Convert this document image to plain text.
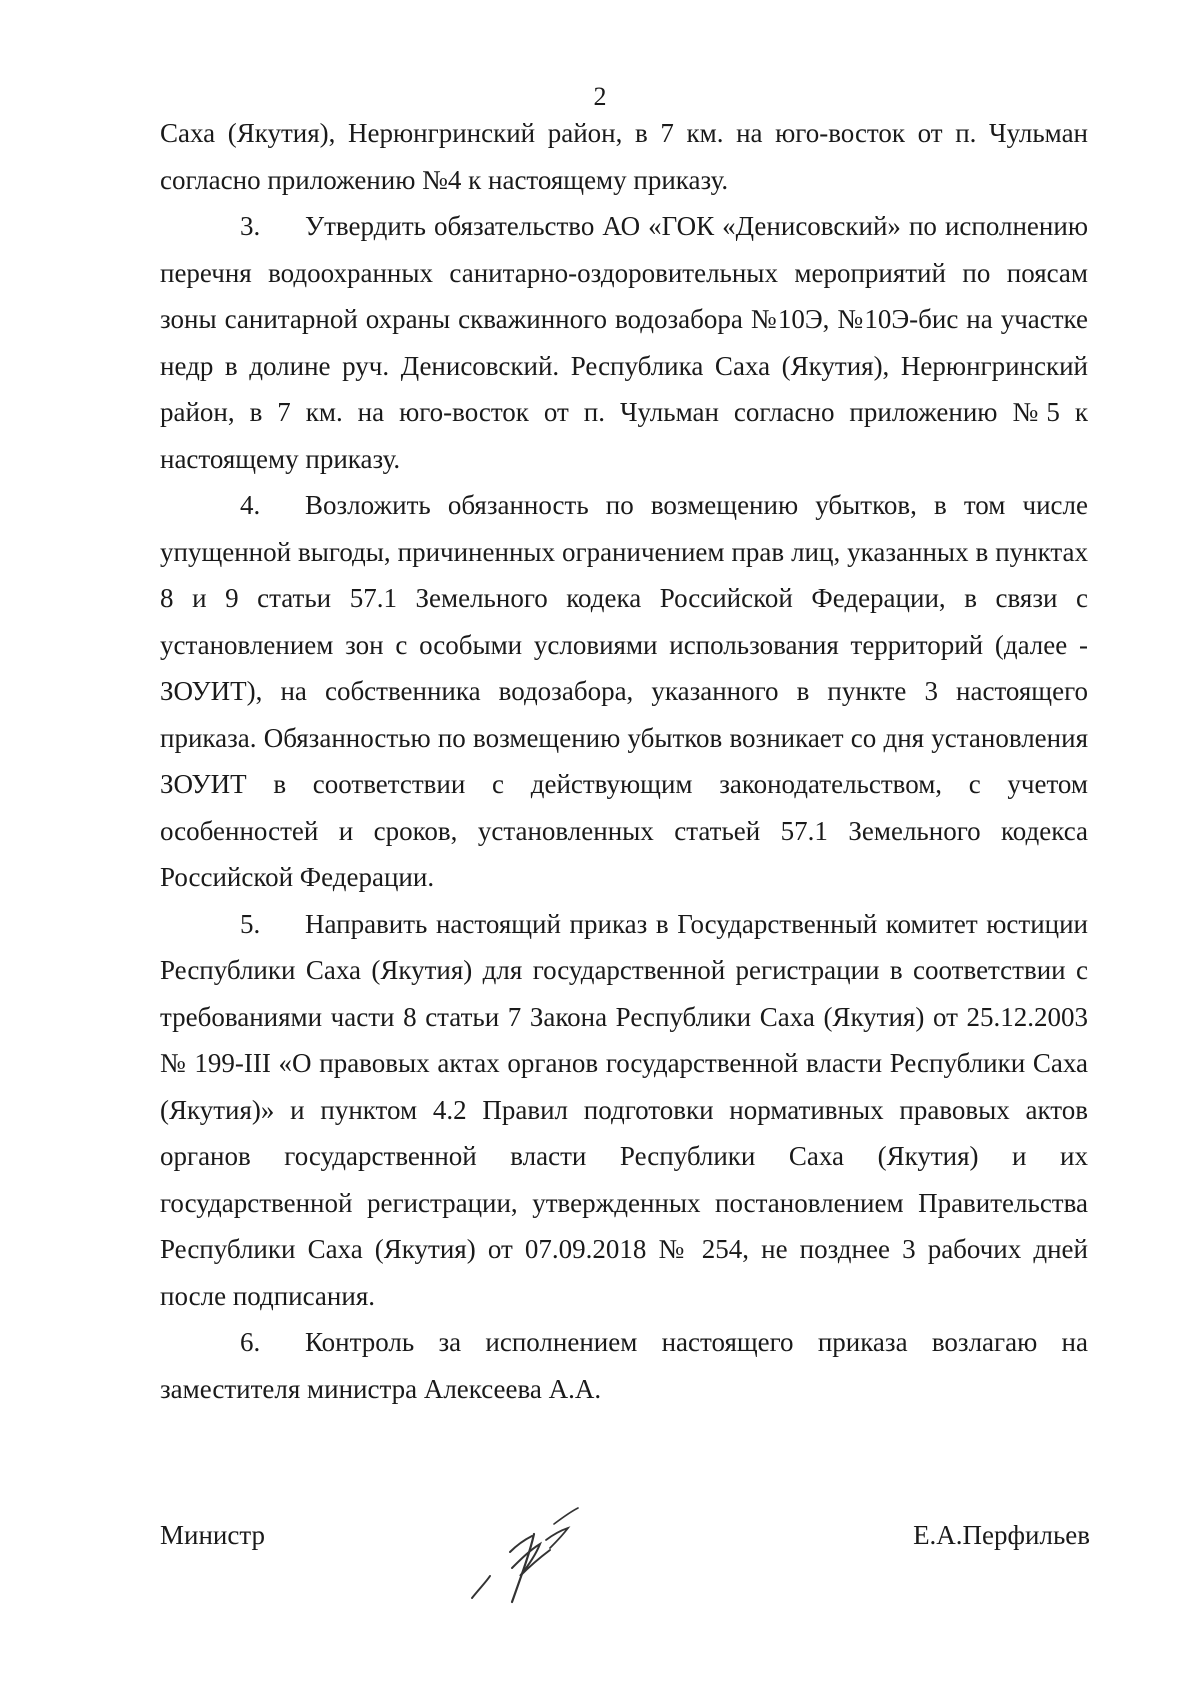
2

Саха (Якутия), Нерюнгринский район, в 7 км. на юго-восток от п. Чульман согласно приложению №4 к настоящему приказу.

3. Утвердить обязательство АО «ГОК «Денисовский» по исполнению перечня водоохранных санитарно-оздоровительных мероприятий по поясам зоны санитарной охраны скважинного водозабора №10Э, №10Э-бис на участке недр в долине руч. Денисовский. Республика Саха (Якутия), Нерюнгринский район, в 7 км. на юго-восток от п. Чульман согласно приложению №5 к настоящему приказу.

4. Возложить обязанность по возмещению убытков, в том числе упущенной выгоды, причиненных ограничением прав лиц, указанных в пунктах 8 и 9 статьи 57.1 Земельного кодека Российской Федерации, в связи с установлением зон с особыми условиями использования территорий (далее - ЗОУИТ), на собственника водозабора, указанного в пункте 3 настоящего приказа. Обязанностью по возмещению убытков возникает со дня установления ЗОУИТ в соответствии с действующим законодательством, с учетом особенностей и сроков, установленных статьей 57.1 Земельного кодекса Российской Федерации.

5. Направить настоящий приказ в Государственный комитет юстиции Республики Саха (Якутия) для государственной регистрации в соответствии с требованиями части 8 статьи 7 Закона Республики Саха (Якутия) от 25.12.2003 № 199-III «О правовых актах органов государственной власти Республики Саха (Якутия)» и пунктом 4.2 Правил подготовки нормативных правовых актов органов государственной власти Республики Саха (Якутия) и их государственной регистрации, утвержденных постановлением Правительства Республики Саха (Якутия) от 07.09.2018 № 254, не позднее 3 рабочих дней после подписания.

6. Контроль за исполнением настоящего приказа возлагаю на заместителя министра Алексеева А.А.

Министр	Е.А.Перфильев
